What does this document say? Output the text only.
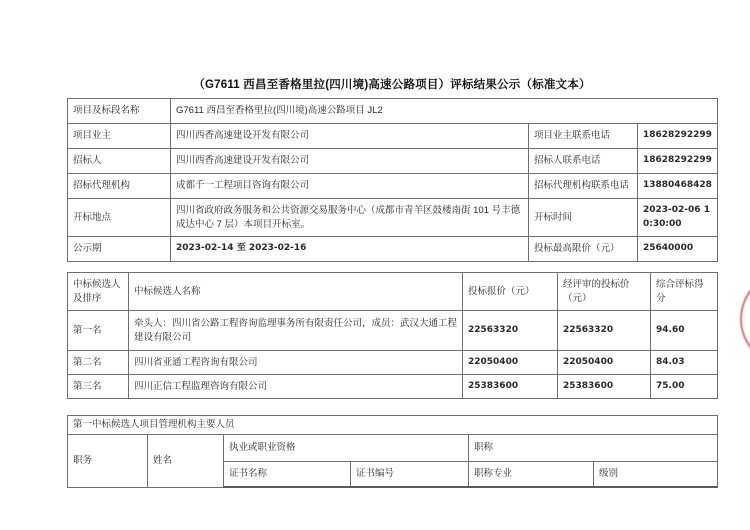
（G7611 西昌至香格里拉(四川境)高速公路项目）评标结果公示（标准文本）
项目及标段名称	G7611 西昌至香格里拉(四川境)高速公路项目 JL2		
项目业主	四川西香高速建设开发有限公司	项目业主联系电话	18628292299
招标人	四川西香高速建设开发有限公司	招标人联系电话	18628292299
招标代理机构	成都千一工程项目咨询有限公司	招标代理机构联系电话	13880468428
开标地点	四川省政府政务服务和公共资源交易服务中心（成都市青羊区鼓楼南街 101 号丰德成达中心 7 层）本项目开标室。	开标时间	2023-02-06 10:30:00
公示期	2023-02-14 至 2023-02-16	投标最高限价（元）	25640000
中标候选人及排序	中标候选人名称	投标报价（元）	经评审的投标价（元）	综合评标得分
第一名	牵头人：四川省公路工程咨询监理事务所有限责任公司，成员：武汉大通工程建设有限公司	22563320	22563320	94.60
第二名	四川省亚通工程咨询有限公司	22050400	22050400	84.03
第三名	四川正信工程监理咨询有限公司	25383600	25383600	75.00
第一中标候选人项目管理机构主要人员					
职务	姓名	执业或职业资格		职称	
		证书名称	证书编号	职称专业	级别
